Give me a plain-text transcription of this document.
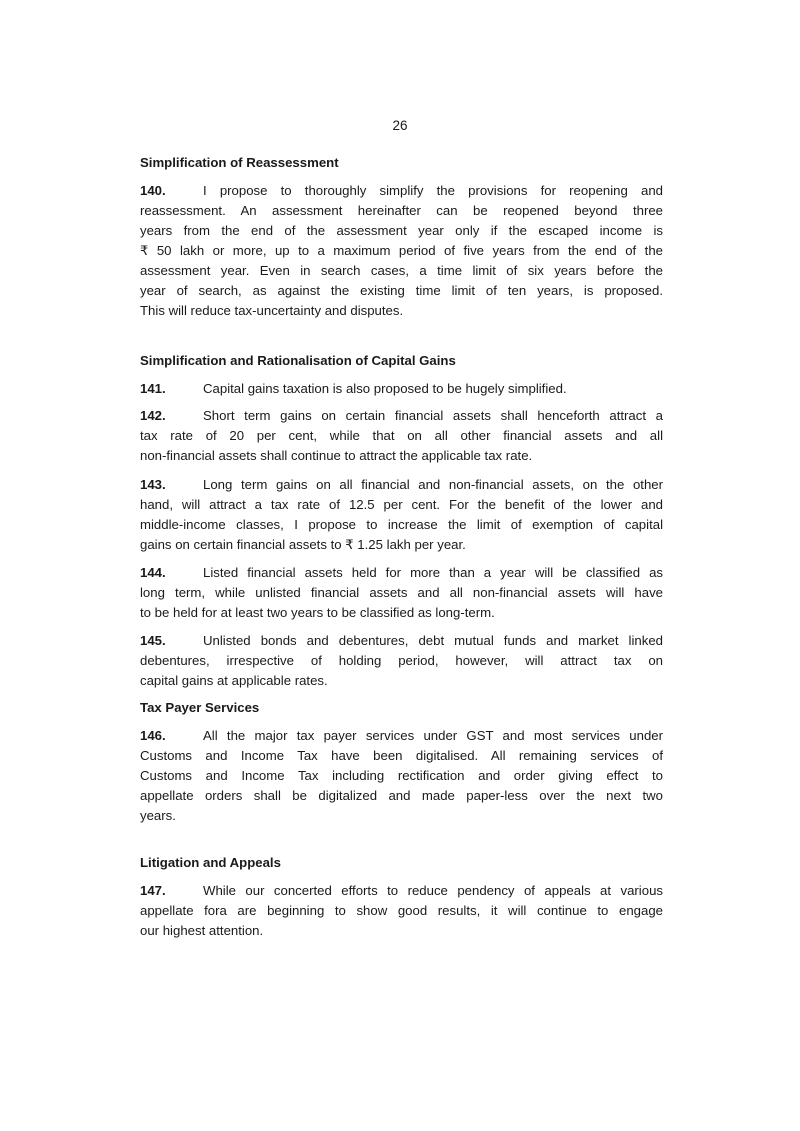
26
Simplification of Reassessment
140.	I propose to thoroughly simplify the provisions for reopening and
reassessment. An assessment hereinafter can be reopened beyond three
years from the end of the assessment year only if the escaped income is
₹ 50 lakh or more, up to a maximum period of five years from the end of the
assessment year. Even in search cases, a time limit of six years before the
year of search, as against the existing time limit of ten years, is proposed.
This will reduce tax-uncertainty and disputes.
Simplification and Rationalisation of Capital Gains
141.	Capital gains taxation is also proposed to be hugely simplified.
142.	Short term gains on certain financial assets shall henceforth attract a
tax rate of 20 per cent, while that on all other financial assets and all
non-financial assets shall continue to attract the applicable tax rate.
143.	Long term gains on all financial and non-financial assets, on the other
hand, will attract a tax rate of 12.5 per cent. For the benefit of the lower and
middle-income classes, I propose to increase the limit of exemption of capital
gains on certain financial assets to ₹ 1.25 lakh per year.
144.	Listed financial assets held for more than a year will be classified as
long term, while unlisted financial assets and all non-financial assets will have
to be held for at least two years to be classified as long-term.
145.	Unlisted bonds and debentures, debt mutual funds and market linked
debentures, irrespective of holding period, however, will attract tax on
capital gains at applicable rates.
Tax Payer Services
146.	All the major tax payer services under GST and most services under
Customs and Income Tax have been digitalised. All remaining services of
Customs and Income Tax including rectification and order giving effect to
appellate orders shall be digitalized and made paper-less over the next two
years.
Litigation and Appeals
147.	While our concerted efforts to reduce pendency of appeals at various
appellate fora are beginning to show good results, it will continue to engage
our highest attention.
